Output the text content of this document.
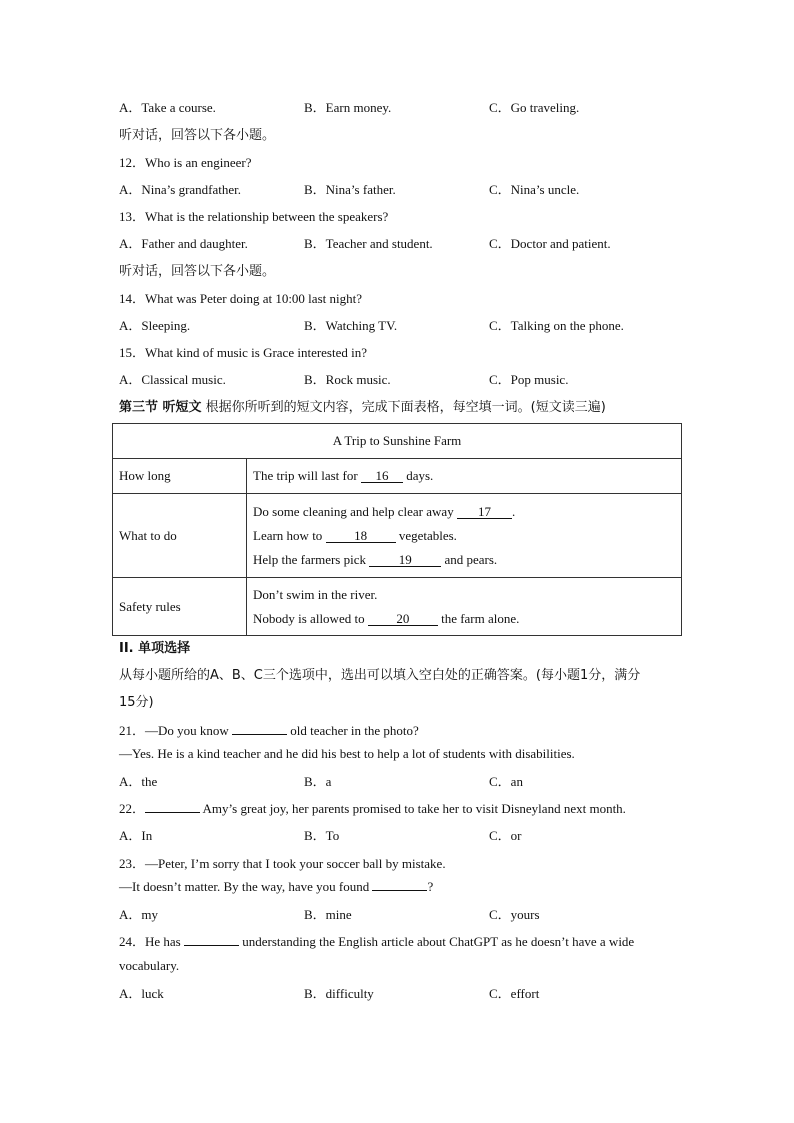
A．Take a course.	B．Earn money.	C．Go traveling.
听对话，回答以下各小题。
12．Who is an engineer?
A．Nina’s grandfather.	B．Nina’s father.	C．Nina’s uncle.
13．What is the relationship between the speakers?
A．Father and daughter.	B．Teacher and student.	C．Doctor and patient.
听对话，回答以下各小题。
14．What was Peter doing at 10:00 last night?
A．Sleeping.	B．Watching TV.	C．Talking on the phone.
15．What kind of music is Grace interested in?
A．Classical music.	B．Rock music.	C．Pop music.
第三节 听短文 根据你所听到的短文内容，完成下面表格，每空填一词。(短文读三遍)
A Trip to Sunshine Farm	
How long	The trip will last for 16 days.
What to do	Do some cleaning and help clear away 17 .
Learn how to 18 vegetables.
Help the farmers pick 19 and pears.

Safety rules	Don’t swim in the river.
Nobody is allowed to 20 the farm alone.
II. 单项选择
从每小题所给的A、B、C三个选项中，选出可以填入空白处的正确答案。(每小题1分，满分
15分)
21．—Do you know	old teacher in the photo?
—Yes. He is a kind teacher and he did his best to help a lot of students with disabilities.
A．the	B．a	C．an
22．	Amy’s great joy, her parents promised to take her to visit Disneyland next month.
A．In	B．To	C．or
23．—Peter, I’m sorry that I took your soccer ball by mistake.
—It doesn’t matter. By the way, have you found	?
A．my	B．mine	C．yours
24．He has	understanding the English article about ChatGPT as he doesn’t have a wide
vocabulary.
A．luck	B．difficulty	C．effort
